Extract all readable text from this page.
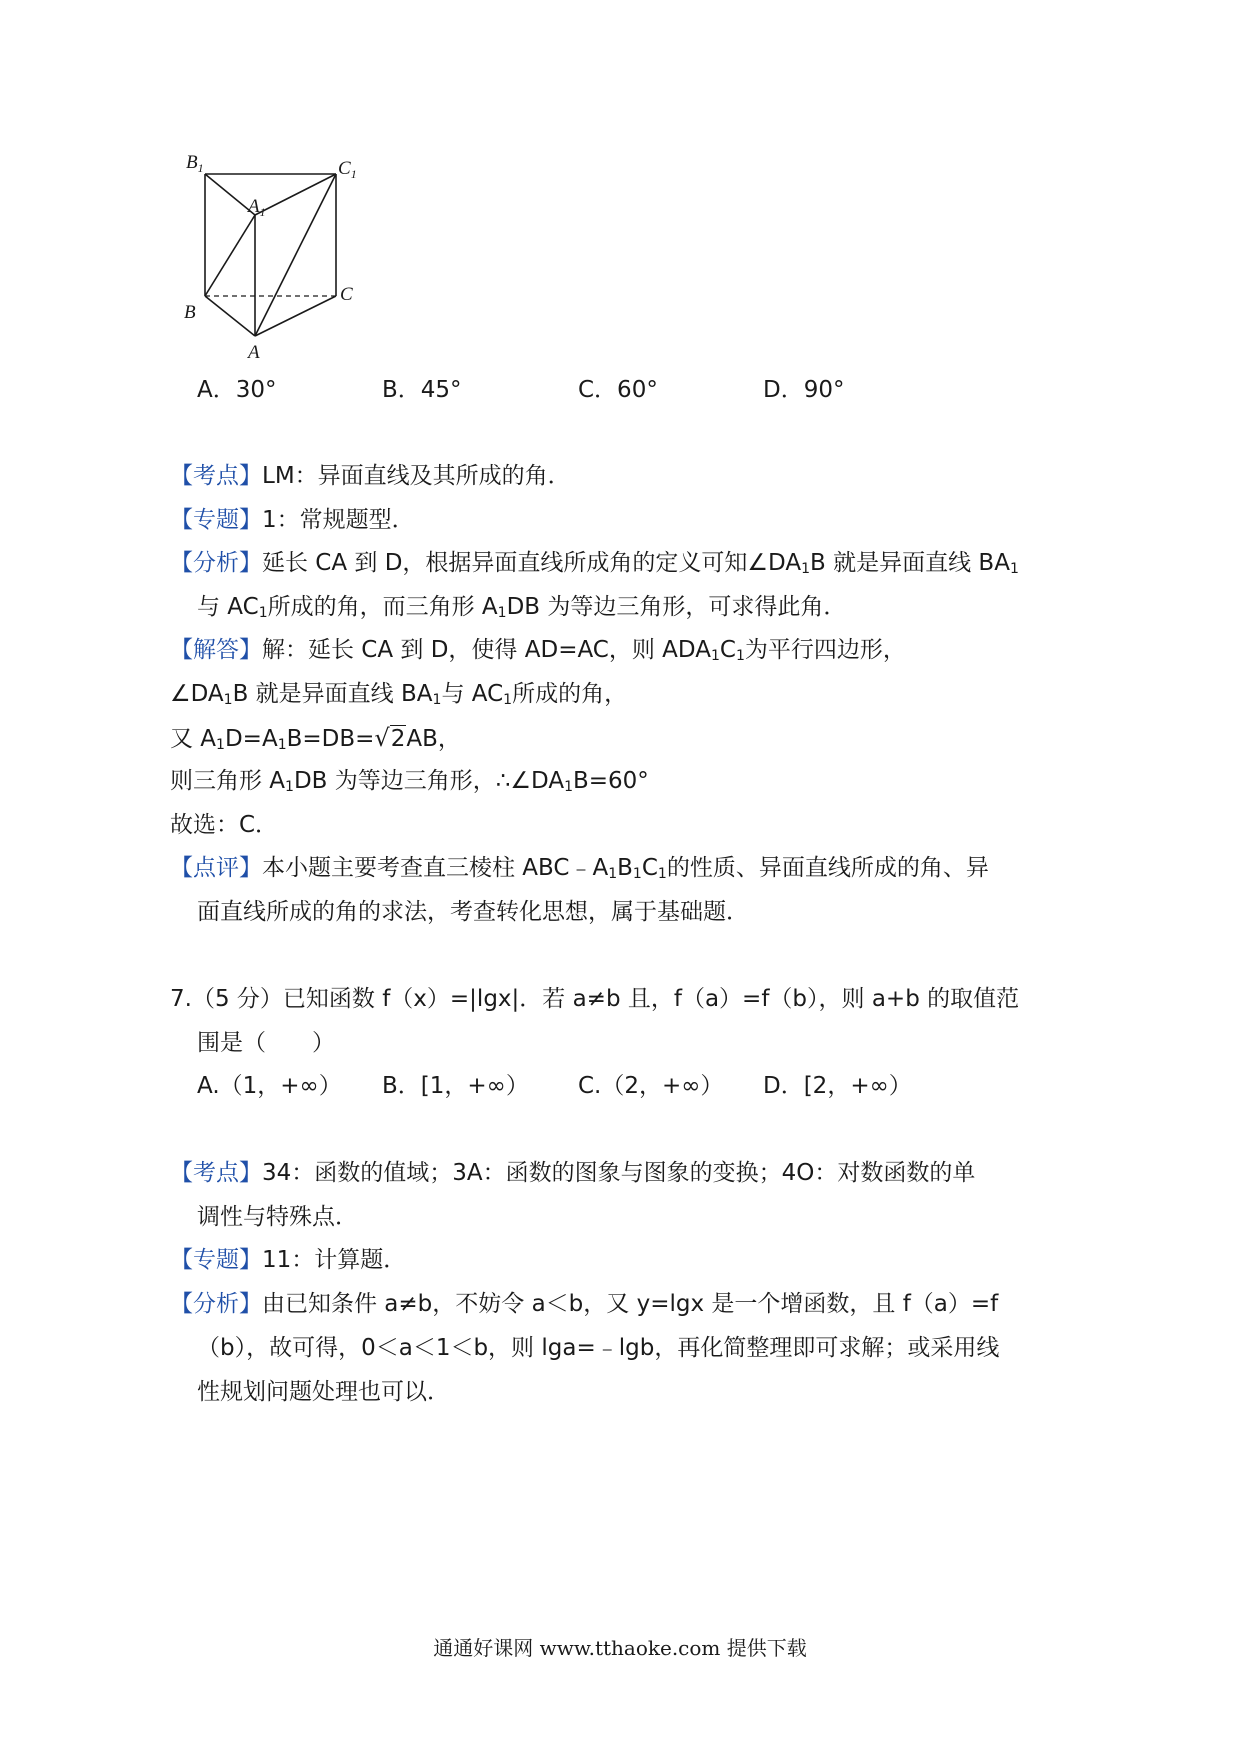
$B_1$	$C_1$
$A_1$
B
C
A
A．30°	B．45°	C．60°	D．90°
【考点】LM：异面直线及其所成的角．
【专题】1：常规题型．
【分析】延长 CA 到 D，根据异面直线所成角的定义可知$\angle DA_1B$ 就是异面直线 $BA_1$
与 $AC_1$所成的角，而三角形 $A_1DB$ 为等边三角形，可求得此角．
【解答】解：延长 CA 到 D，使得 AD=AC，则 $ADA_1C_1$为平行四边形，
$\angle DA_1B$ 就是异面直线 $BA_1$与 $AC_1$所成的角，
又 $A_1D=A_1B=DB=√2AB$，
则三角形 $A_1DB$ 为等边三角形，$\therefore\angle DA_1B=60^\circ$
故选：C．
【点评】本小题主要考查直三棱柱 $ABC﹣A_1B_1C_1$的性质、异面直线所成的角、异
面直线所成的角的求法，考查转化思想，属于基础题．
7.（5 分）已知函数 f（x）=|lgx|．若 a≠b 且，f（a）=f（b），则 a+b 的取值范
围是（　　）
A.（1，+∞） B．[1，+∞） C.（2，+∞） D．[2，+∞）
【考点】34：函数的值域；3A：函数的图象与图象的变换；4O：对数函数的单
调性与特殊点．
【专题】11：计算题．
【分析】由已知条件 a≠b，不妨令 a＜b，又 y=lgx 是一个增函数，且 f（a）=f
（b），故可得，0＜a＜1＜b，则 lga=﹣lgb，再化简整理即可求解；或采用线
性规划问题处理也可以．
通通好课网 www.tthaoke.com 提供下载
